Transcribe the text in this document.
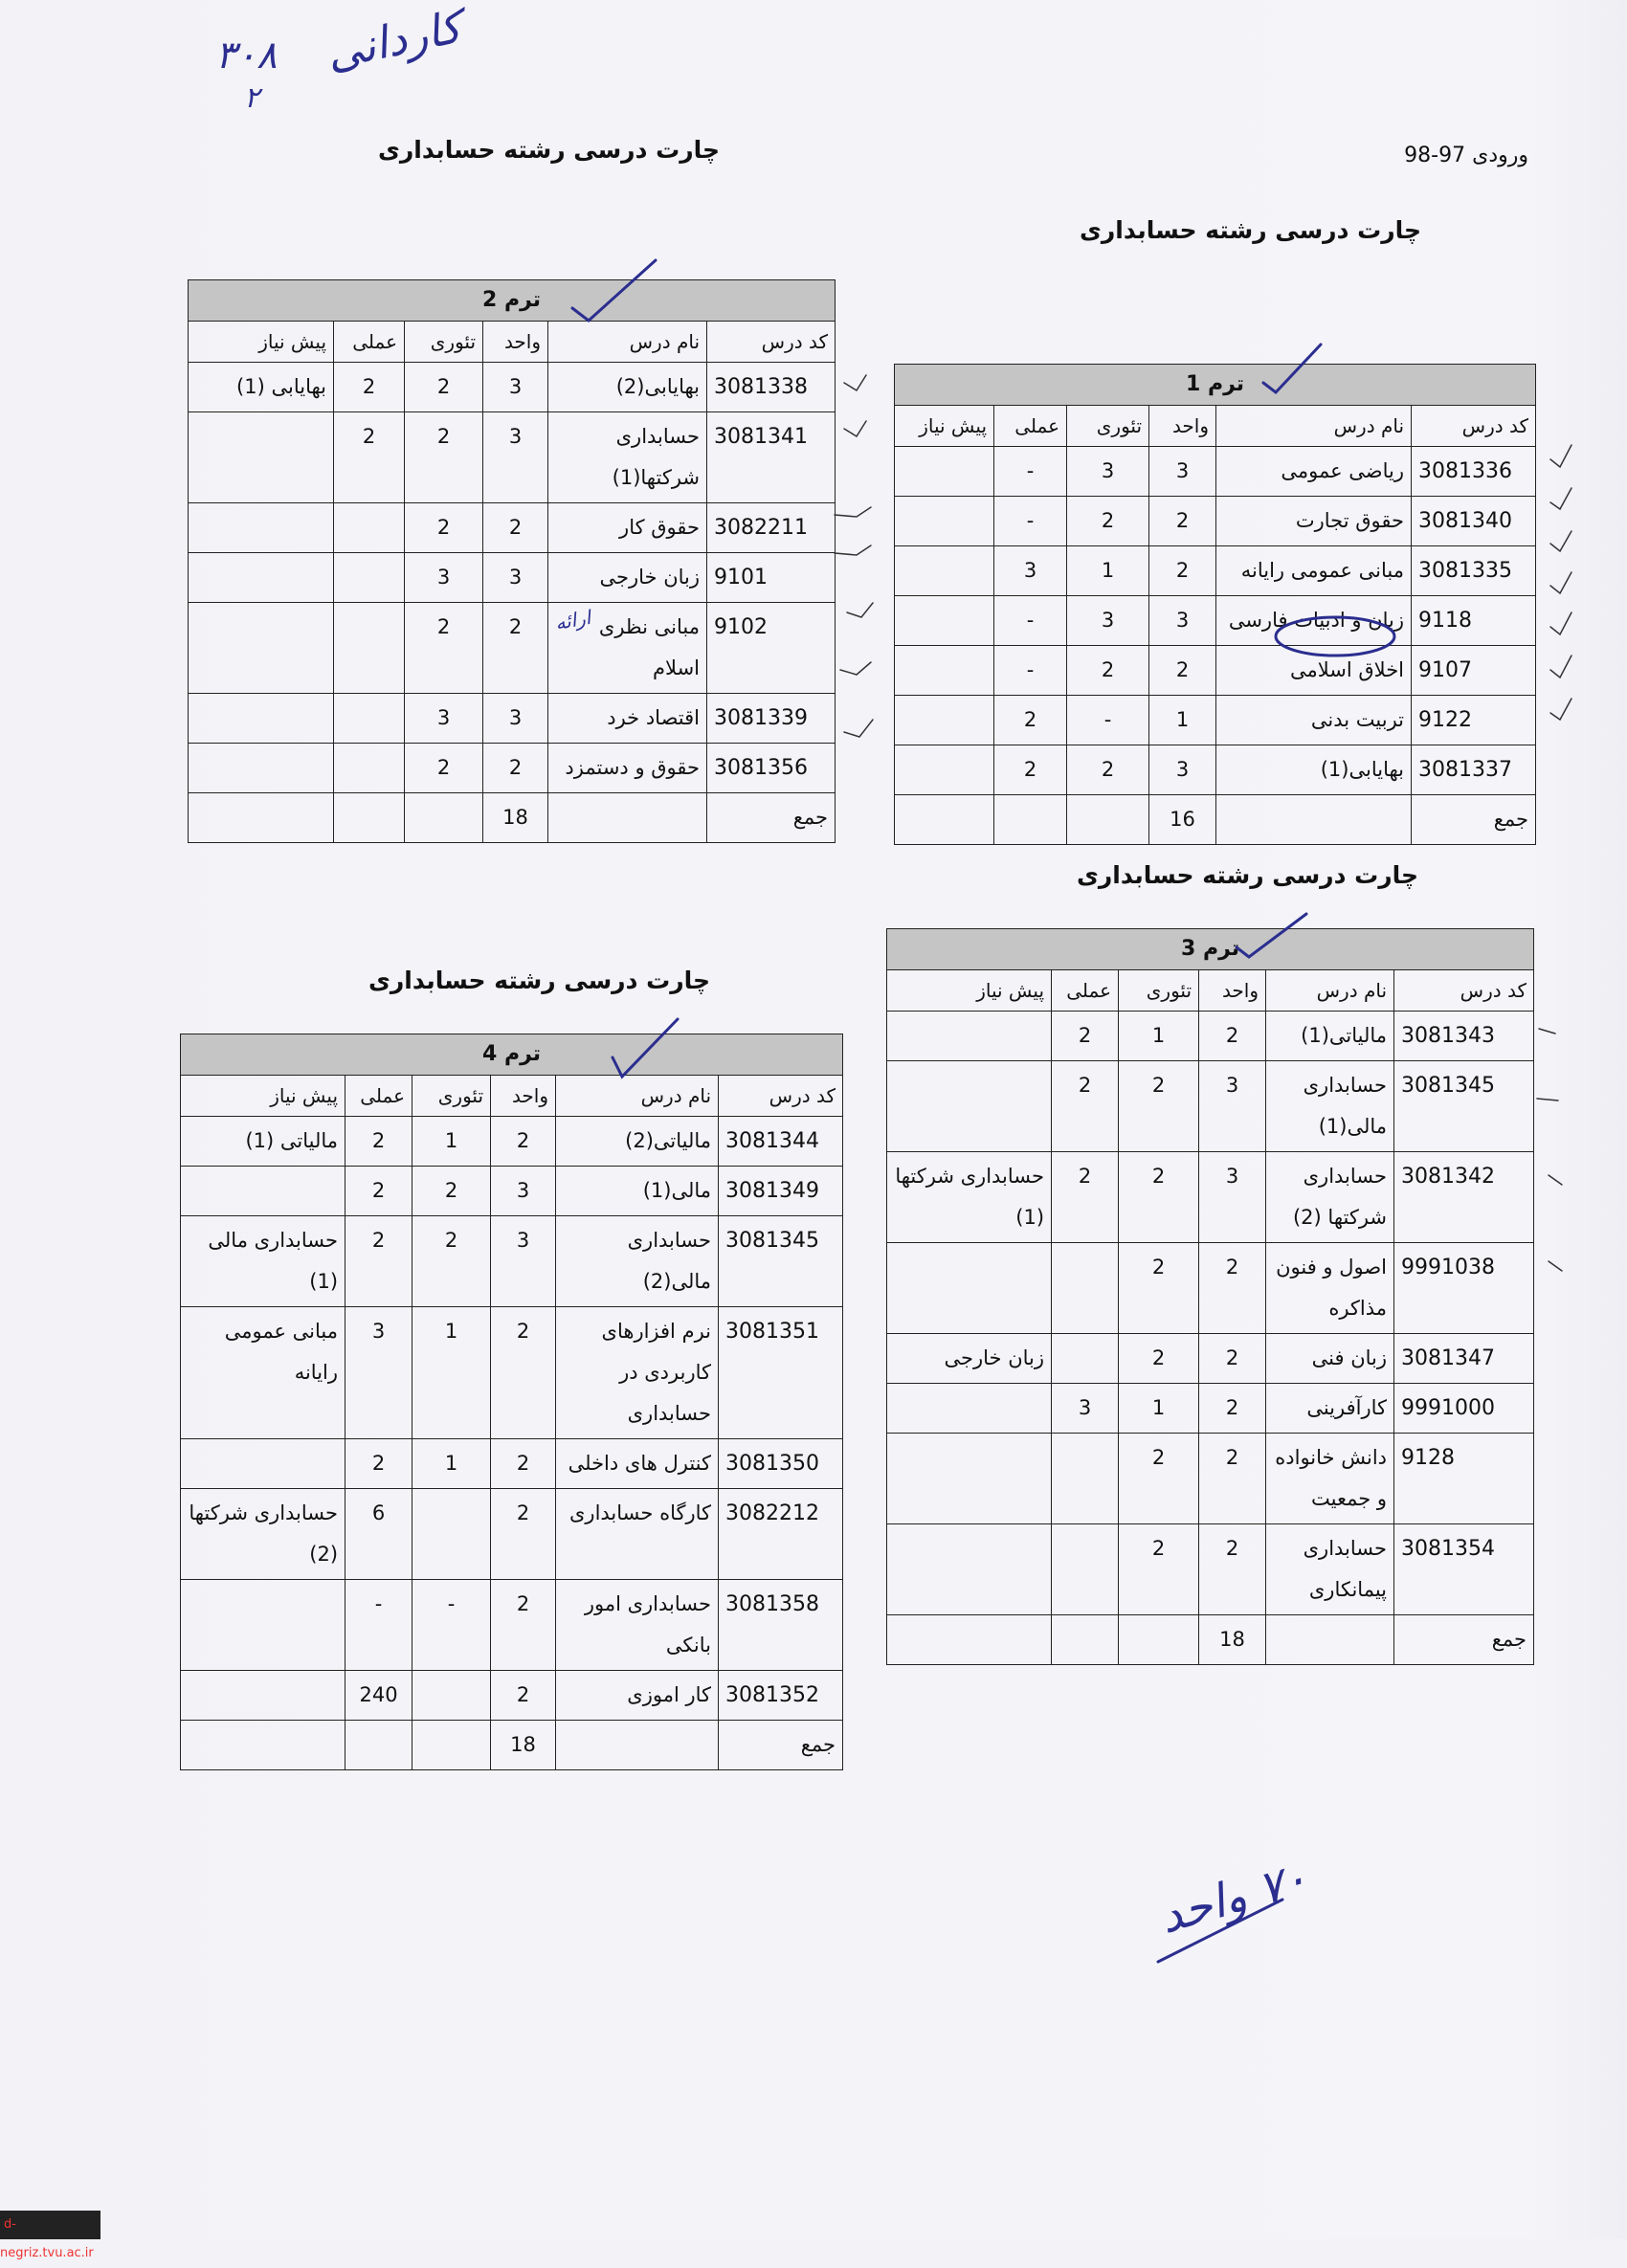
۳۰۸
۲
کاردانی
ورودی 97-98
چارت درسی رشته حسابداری
چارت درسی رشته حسابداری
چارت درسی رشته حسابداری
چارت درسی رشته حسابداری
ترم 2					
کد درس	نام درس	واحد	تئوری	عملی	پیش نیاز
3081338	بهایابی(2)	3	2	2	بهایابی (1)
3081341	حسابداری شرکتها(1)	3	2	2	
3082211	حقوق کار	2	2		
9101	زبان خارجی	3	3		
9102	مبانی نظری اسلام	2	2		
3081339	اقتصاد خرد	3	3		
3081356	حقوق و دستمزد	2	2		
جمع		18			
ترم 1					
کد درس	نام درس	واحد	تئوری	عملی	پیش نیاز
3081336	ریاضی عمومی	3	3	-	
3081340	حقوق تجارت	2	2	-	
3081335	مبانی عمومی رایانه	2	1	3	
9118	زبان و ادبیات فارسی	3	3	-	
9107	اخلاق اسلامی	2	2	-	
9122	تربیت بدنی	1	-	2	
3081337	بهایابی(1)	3	2	2	
جمع		16			
ترم 3					
کد درس	نام درس	واحد	تئوری	عملی	پیش نیاز
3081343	مالیاتی(1)	2	1	2	
3081345	حسابداری مالی(1)	3	2	2	
3081342	حسابداری شرکتها (2)	3	2	2	حسابداری شرکتها (1)
9991038	اصول و فنون مذاکره	2	2		
3081347	زبان فنی	2	2		زبان خارجی
9991000	کارآفرینی	2	1	3	
9128	دانش خانواده و جمعیت	2	2		
3081354	حسابداری پیمانکاری	2	2		
جمع		18			
ترم 4					
کد درس	نام درس	واحد	تئوری	عملی	پیش نیاز
3081344	مالیاتی(2)	2	1	2	مالیاتی (1)
3081349	مالی(1)	3	2	2	
3081345	حسابداری مالی(2)	3	2	2	حسابداری مالی (1)
3081351	نرم افزارهای کاربردی در حسابداری	2	1	3	مبانی عمومی رایانه
3081350	کنترل های داخلی	2	1	2	
3082212	کارگاه حسابداری	2		6	حسابداری شرکتها (2)
3081358	حسابداری امور بانکی	2	-	-	
3081352	کار اموزی	2		240	
جمع		18			
ارائه
۷۰ واحد
d-negriz.tvu.ac.ir
